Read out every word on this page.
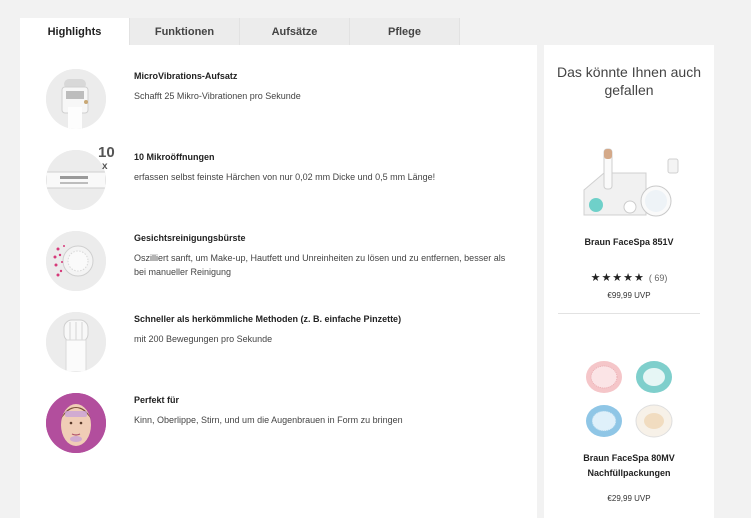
Highlights	Funktionen	Aufsätze	Pflege
MicroVibrations-Aufsatz
Schafft 25 Mikro-Vibrationen pro Sekunde
10
x
10 Mikroöffnungen
erfassen selbst feinste Härchen von nur 0,02 mm Dicke und 0,5 mm Länge!
Gesichtsreinigungsbürste
Oszilliert sanft, um Make-up, Hautfett und Unreinheiten zu lösen und zu entfernen, besser als bei manueller Reinigung
Schneller als herkömmliche Methoden (z. B. einfache Pinzette)
mit 200 Bewegungen pro Sekunde
Perfekt für
Kinn, Oberlippe, Stirn, und um die Augenbrauen in Form zu bringen
Das könnte Ihnen auch gefallen
Braun FaceSpa 851V
★★★★★ ( 69)
€99,99 UVP
Braun FaceSpa 80MV Nachfüllpackungen
€29,99 UVP
